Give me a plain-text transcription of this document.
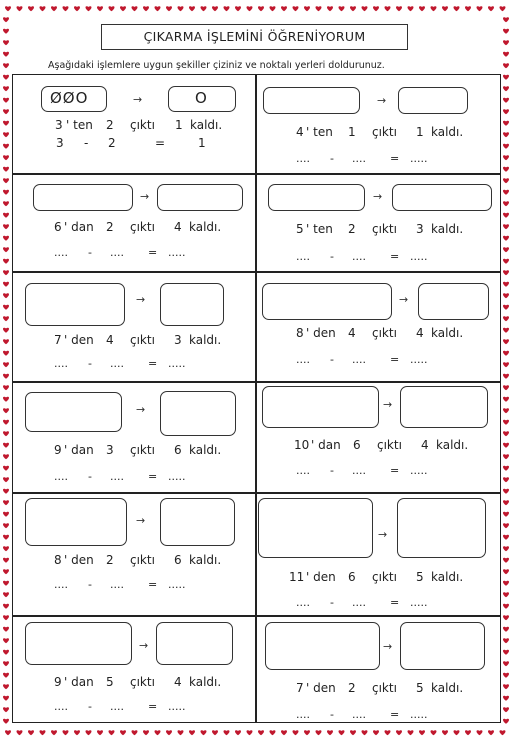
ÇIKARMA İŞLEMİNİ ÖĞRENİYORUM
Aşağıdaki işlemlere uygun şekiller çiziniz ve noktalı yerleri doldurunuz.
ØØO	→	O
3 ' ten 2 çıktı 1 kaldı.
3 - 2	=	1
→
4 ' ten 1 çıktı 1 kaldı.
.... - .... = .....
→
6 ' dan 2 çıktı 4 kaldı.
.... - .... = .....
→
5 ' ten 2 çıktı 3 kaldı.
.... - .... = .....
→
7 ' den 4 çıktı 3 kaldı.
.... - .... = .....
→
8 ' den 4 çıktı 4 kaldı.
.... - .... = .....
→
9 ' dan 3 çıktı 6 kaldı.
.... - .... = .....
→
10 ' dan 6 çıktı 4 kaldı.
.... - .... = .....
→
8 ' den 2 çıktı 6 kaldı.
.... - .... = .....
→
11 ' den 6 çıktı 5 kaldı.
.... - .... = .....
→
9 ' dan 5 çıktı 4 kaldı.
.... - .... = .....
→
7 ' den 2 çıktı 5 kaldı.
.... - .... = .....
